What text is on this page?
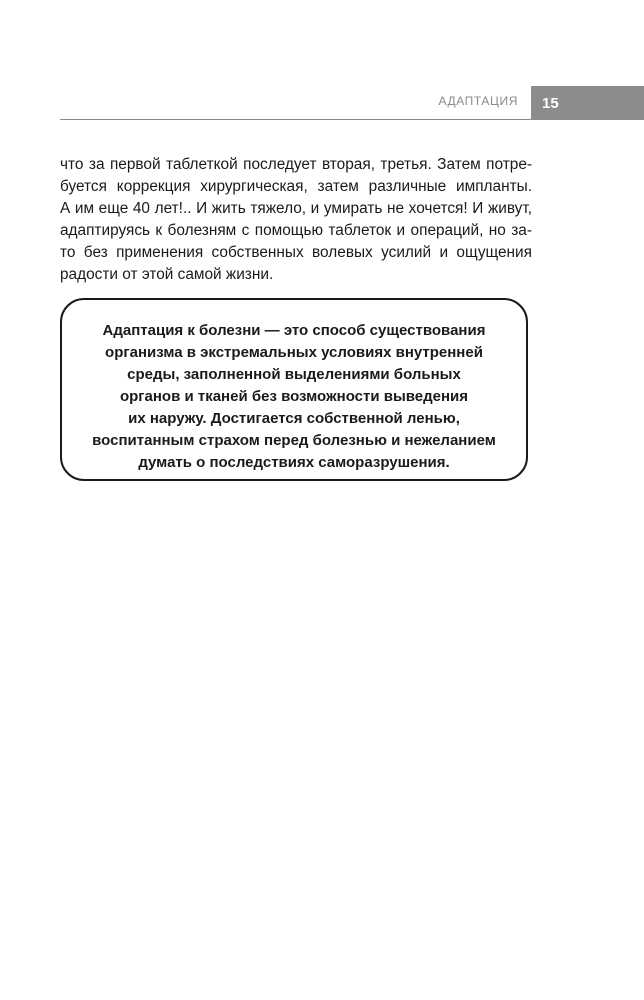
АДАПТАЦИЯ 15

что за первой таблеткой последует вторая, третья. Затем потре-
буется коррекция хирургическая, затем различные импланты.
А им еще 40 лет!.. И жить тяжело, и умирать не хочется! И живут,
адаптируясь к болезням с помощью таблеток и операций, но за-
то без применения собственных волевых усилий и ощущения
радости от этой самой жизни.

Адаптация к болезни — это способ существования
организма в экстремальных условиях внутренней
среды, заполненной выделениями больных
органов и тканей без возможности выведения
их наружу. Достигается собственной ленью,
воспитанным страхом перед болезнью и нежеланием
думать о последствиях саморазрушения.
